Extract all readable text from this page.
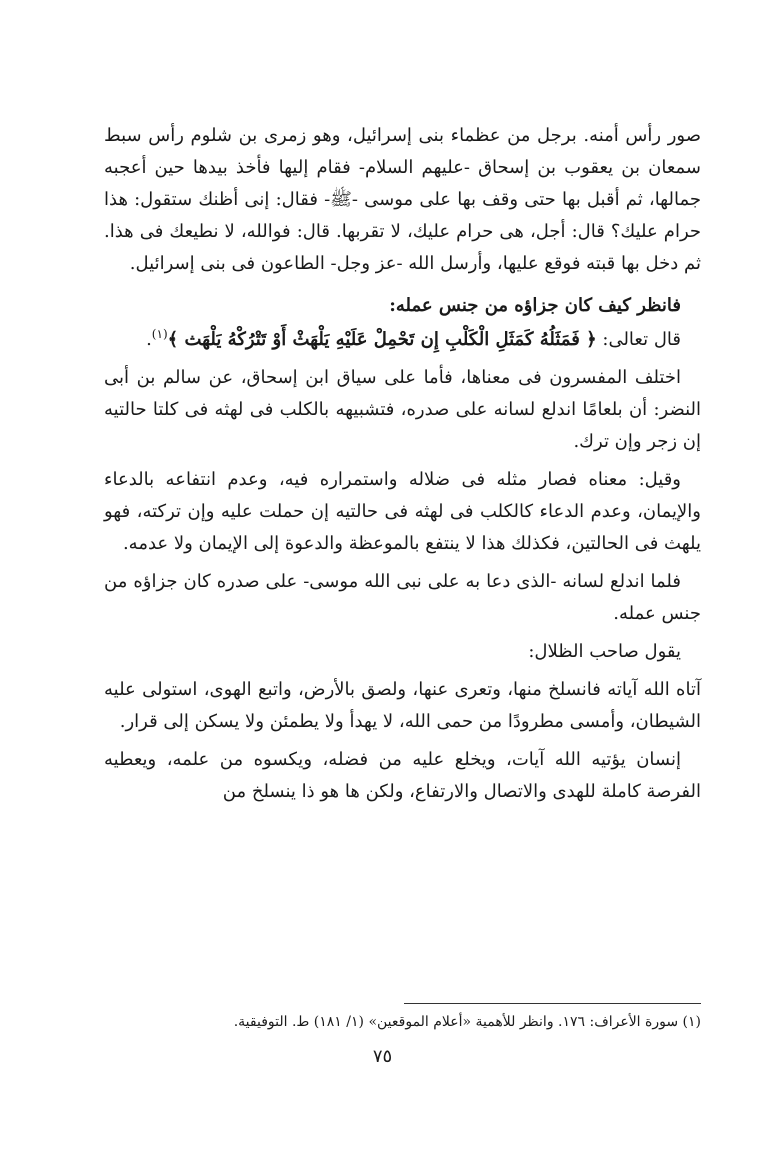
صور رأس أمنه. برجل من عظماء بنى إسرائيل، وهو زمرى بن شلوم رأس سبط سمعان بن يعقوب بن إسحاق -عليهم السلام- فقام إليها فأخذ بيدها حين أعجبه جمالها، ثم أقبل بها حتى وقف بها على موسى -ﷺ- فقال: إنى أظنك ستقول: هذا حرام عليك؟ قال: أجل، هى حرام عليك، لا تقربها. قال: فوالله، لا نطيعك فى هذا. ثم دخل بها قبته فوقع عليها، وأرسل الله -عز وجل- الطاعون فى بنى إسرائيل.

فانظر كيف كان جزاؤه من جنس عمله:

قال تعالى: ﴿ فَمَثَلُهُ كَمَثَلِ الْكَلْبِ إِن تَحْمِلْ عَلَيْهِ يَلْهَثْ أَوْ تَتْرُكْهُ يَلْهَث ﴾$^{(١)}$.

اختلف المفسرون فى معناها، فأما على سياق ابن إسحاق، عن سالم بن أبى النضر: أن بلعامًا اندلع لسانه على صدره، فتشبيهه بالكلب فى لهثه فى كلتا حالتيه إن زجر وإن ترك.

وقيل: معناه فصار مثله فى ضلاله واستمراره فيه، وعدم انتفاعه بالدعاء والإيمان، وعدم الدعاء كالكلب فى لهثه فى حالتيه إن حملت عليه وإن تركته، فهو يلهث فى الحالتين، فكذلك هذا لا ينتفع بالموعظة والدعوة إلى الإيمان ولا عدمه.

فلما اندلع لسانه -الذى دعا به على نبى الله موسى- على صدره كان جزاؤه من جنس عمله.

يقول صاحب الظلال:

آتاه الله آياته فانسلخ منها، وتعرى عنها، ولصق بالأرض، واتبع الهوى، استولى عليه الشيطان، وأمسى مطرودًا من حمى الله، لا يهدأ ولا يطمئن ولا يسكن إلى قرار.

إنسان يؤتيه الله آيات، ويخلع عليه من فضله، ويكسوه من علمه، ويعطيه الفرصة كاملة للهدى والاتصال والارتفاع، ولكن ها هو ذا ينسلخ من

(١) سورة الأعراف: ١٧٦. وانظر للأهمية «أعلام الموقعين» (١/ ١٨١) ط. التوفيقية.
٧٥
